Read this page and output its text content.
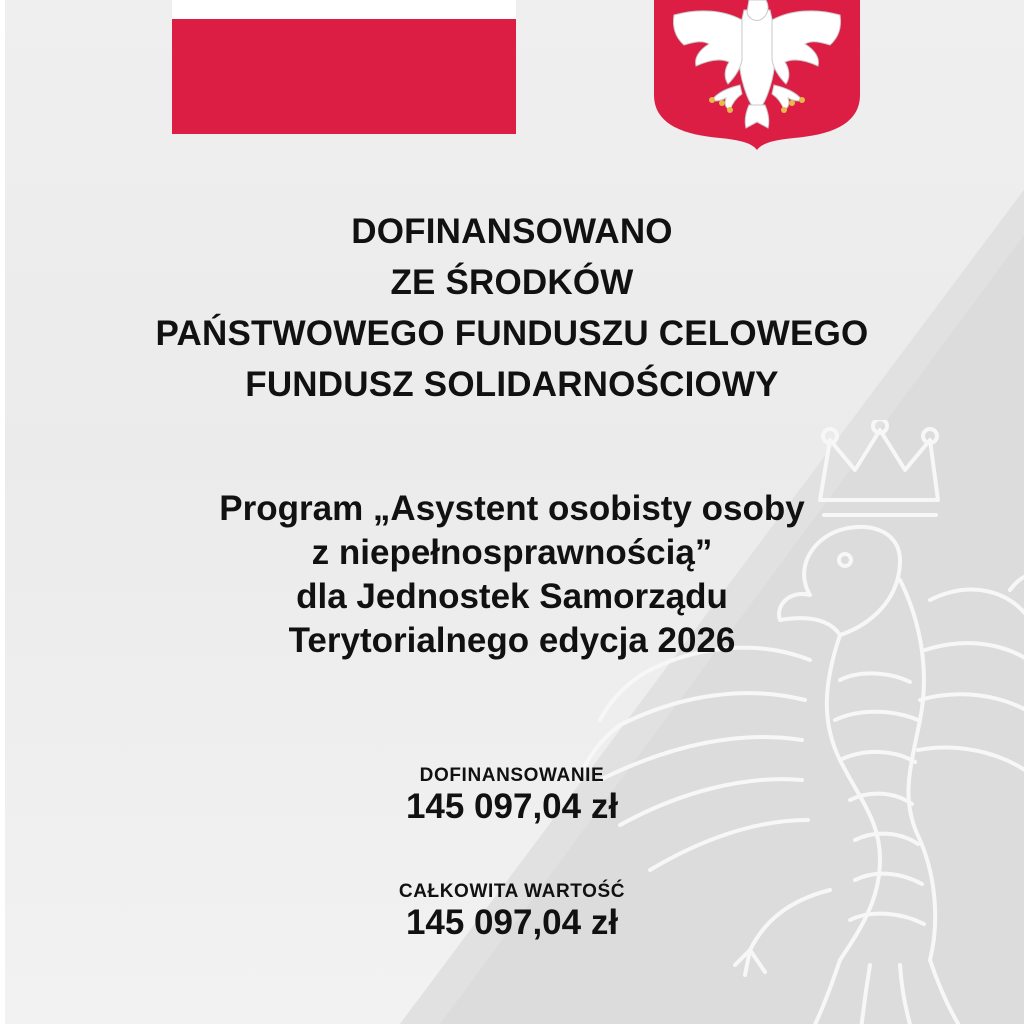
DOFINANSOWANO
ZE ŚRODKÓW
PAŃSTWOWEGO FUNDUSZU CELOWEGO
FUNDUSZ SOLIDARNOŚCIOWY
Program „Asystent osobisty osoby
z niepełnosprawnością”
dla Jednostek Samorządu
Terytorialnego edycja 2026
DOFINANSOWANIE
145 097,04 zł
CAŁKOWITA WARTOŚĆ
145 097,04 zł
